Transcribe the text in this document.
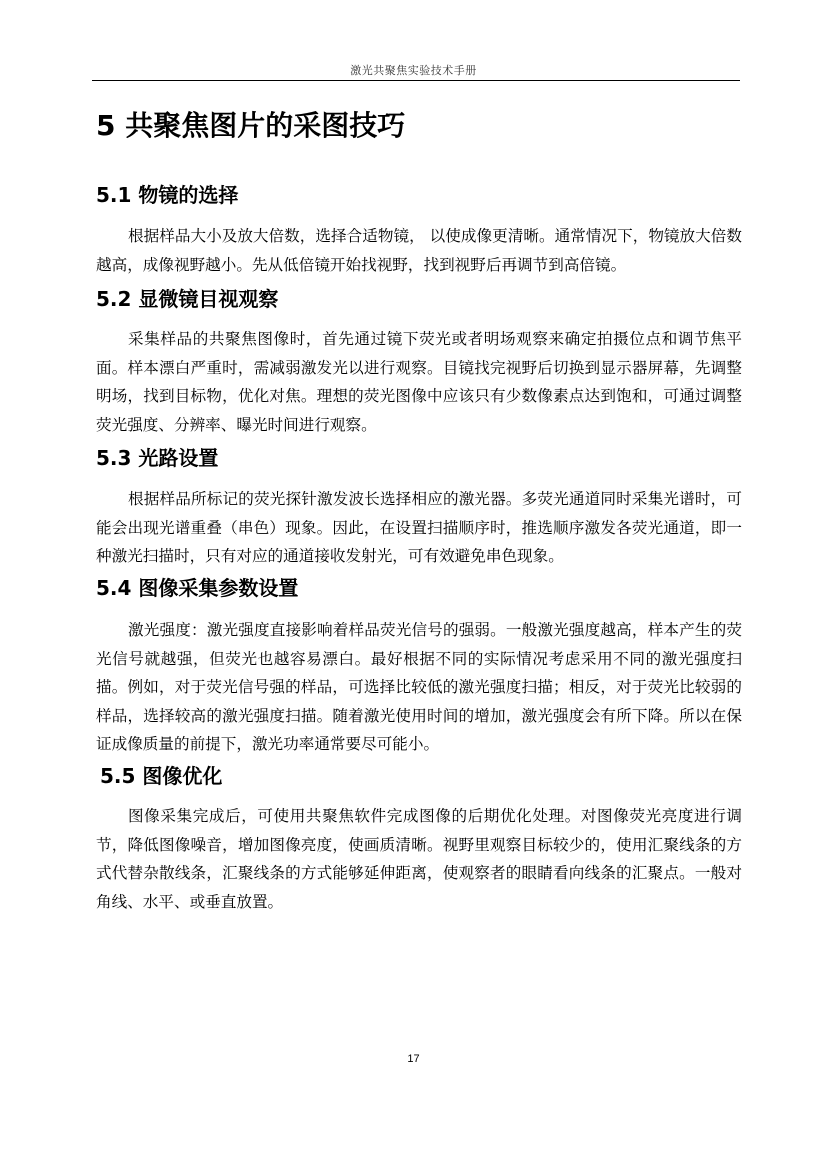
激光共聚焦实验技术手册
5 共聚焦图片的采图技巧
5.1 物镜的选择

根据样品大小及放大倍数，选择合适物镜， 以使成像更清晰。通常情况下，物镜放大倍数越高，成像视野越小。先从低倍镜开始找视野，找到视野后再调节到高倍镜。

5.2 显微镜目视观察

采集样品的共聚焦图像时，首先通过镜下荧光或者明场观察来确定拍摄位点和调节焦平面。样本漂白严重时，需减弱激发光以进行观察。目镜找完视野后切换到显示器屏幕，先调整明场，找到目标物，优化对焦。理想的荧光图像中应该只有少数像素点达到饱和，可通过调整荧光强度、分辨率、曝光时间进行观察。

5.3 光路设置

根据样品所标记的荧光探针激发波长选择相应的激光器。多荧光通道同时采集光谱时，可能会出现光谱重叠（串色）现象。因此，在设置扫描顺序时，推选顺序激发各荧光通道，即一种激光扫描时，只有对应的通道接收发射光，可有效避免串色现象。

5.4 图像采集参数设置

激光强度：激光强度直接影响着样品荧光信号的强弱。一般激光强度越高，样本产生的荧光信号就越强，但荧光也越容易漂白。最好根据不同的实际情况考虑采用不同的激光强度扫描。例如，对于荧光信号强的样品，可选择比较低的激光强度扫描；相反，对于荧光比较弱的样品，选择较高的激光强度扫描。随着激光使用时间的增加，激光强度会有所下降。所以在保证成像质量的前提下，激光功率通常要尽可能小。

5.5 图像优化

图像采集完成后，可使用共聚焦软件完成图像的后期优化处理。对图像荧光亮度进行调节，降低图像噪音，增加图像亮度，使画质清晰。视野里观察目标较少的，使用汇聚线条的方式代替杂散线条，汇聚线条的方式能够延伸距离，使观察者的眼睛看向线条的汇聚点。一般对角线、水平、或垂直放置。

17
